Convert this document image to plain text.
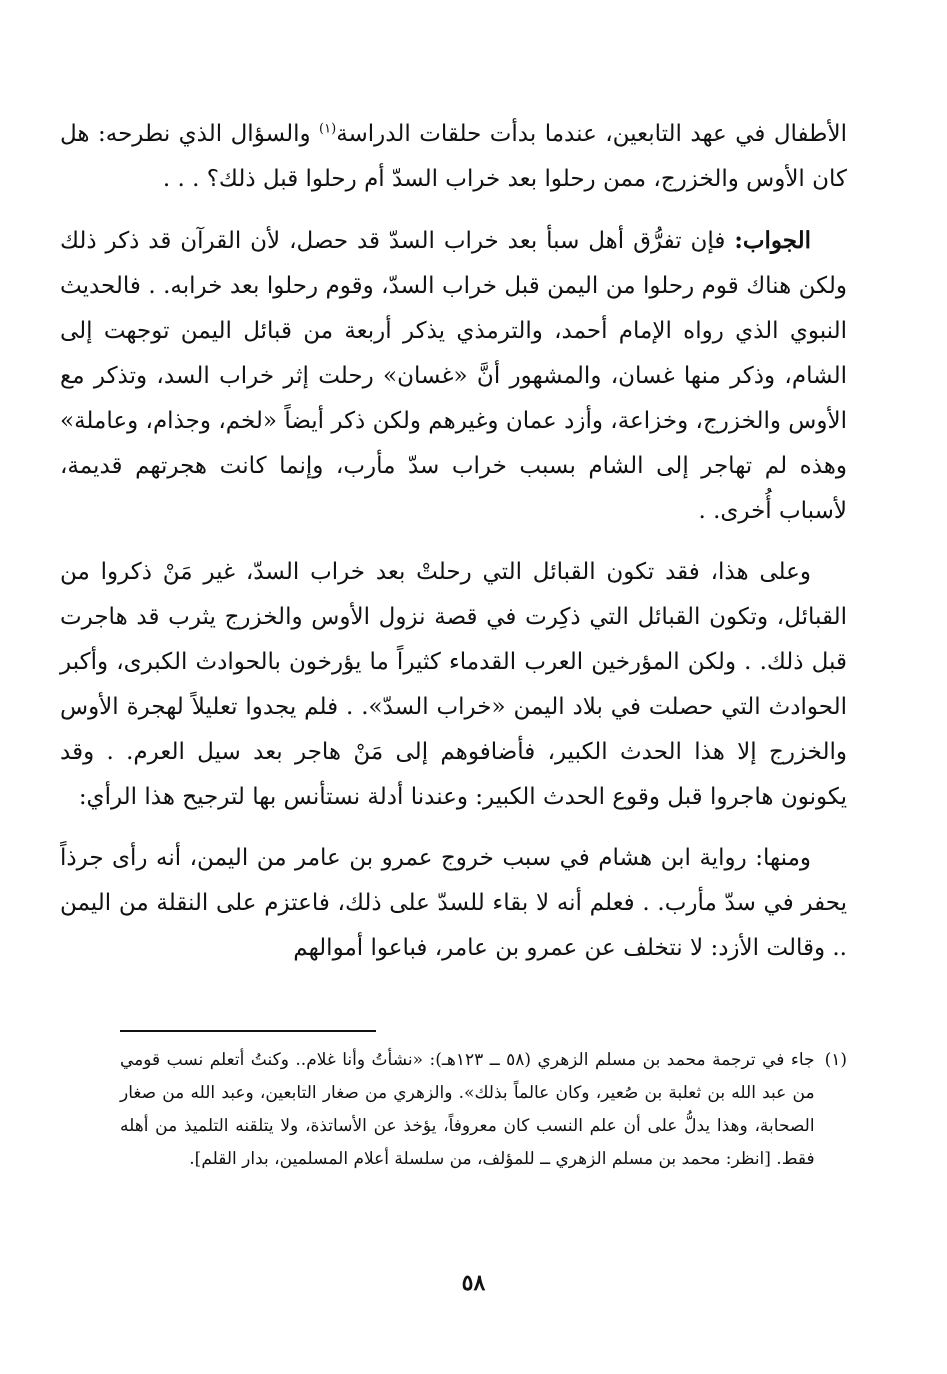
الأطفال في عهد التابعين، عندما بدأت حلقات الدراسة$^{(١)}$ والسؤال الذي نطرحه: هل كان الأوس والخزرج، ممن رحلوا بعد خراب السدّ أم رحلوا قبل ذلك؟ . . .

الجواب: فإن تفرُّق أهل سبأ بعد خراب السدّ قد حصل، لأن القرآن قد ذكر ذلك ولكن هناك قوم رحلوا من اليمن قبل خراب السدّ، وقوم رحلوا بعد خرابه. . فالحديث النبوي الذي رواه الإمام أحمد، والترمذي يذكر أربعة من قبائل اليمن توجهت إلى الشام، وذكر منها غسان، والمشهور أنَّ «غسان» رحلت إثر خراب السد، وتذكر مع الأوس والخزرج، وخزاعة، وأزد عمان وغيرهم ولكن ذكر أيضاً «لخم، وجذام، وعاملة» وهذه لم تهاجر إلى الشام بسبب خراب سدّ مأرب، وإنما كانت هجرتهم قديمة، لأسباب أُخرى. .

وعلى هذا، فقد تكون القبائل التي رحلتْ بعد خراب السدّ، غير مَنْ ذكروا من القبائل، وتكون القبائل التي ذكِرت في قصة نزول الأوس والخزرج يثرب قد هاجرت قبل ذلك. . ولكن المؤرخين العرب القدماء كثيراً ما يؤرخون بالحوادث الكبرى، وأكبر الحوادث التي حصلت في بلاد اليمن «خراب السدّ». . فلم يجدوا تعليلاً لهجرة الأوس والخزرج إلا هذا الحدث الكبير، فأضافوهم إلى مَنْ هاجر بعد سيل العرم. . وقد يكونون هاجروا قبل وقوع الحدث الكبير: وعندنا أدلة نستأنس بها لترجيح هذا الرأي:

ومنها: رواية ابن هشام في سبب خروج عمرو بن عامر من اليمن، أنه رأى جرذاً يحفر في سدّ مأرب. . فعلم أنه لا بقاء للسدّ على ذلك، فاعتزم على النقلة من اليمن .. وقالت الأزد: لا نتخلف عن عمرو بن عامر، فباعوا أموالهم

(١)
جاء في ترجمة محمد بن مسلم الزهري (٥٨ ــ ١٢٣هـ): «نشأتُ وأنا غلام.. وكنتُ أتعلم نسب قومي من عبد الله بن ثعلبة بن صُعير، وكان عالماً بذلك». والزهري من صغار التابعين، وعبد الله من صغار الصحابة، وهذا يدلُّ على أن علم النسب كان معروفاً، يؤخذ عن الأساتذة، ولا يتلقنه التلميذ من أهله فقط. [انظر: محمد بن مسلم الزهري ــ للمؤلف، من سلسلة أعلام المسلمين، بدار القلم].
٥٨
